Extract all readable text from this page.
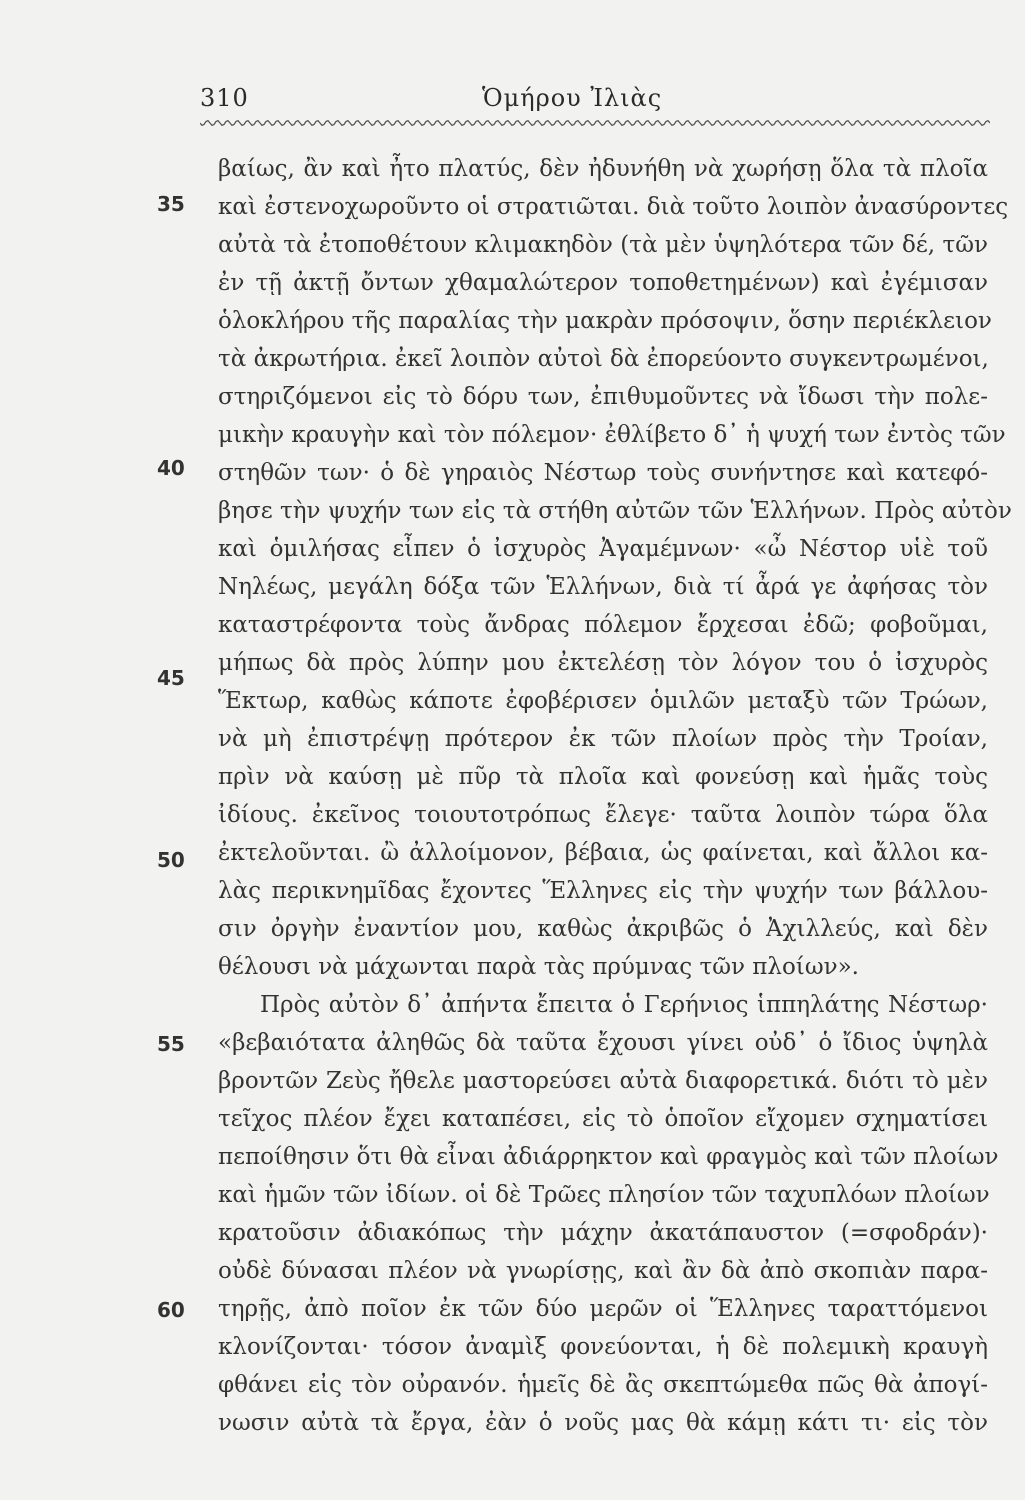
310	Ὁμήρου Ἰλιὰς
35
40
45
50
55
60
βαίως, ἂν καὶ ἦτο πλατύς, δὲν ἠδυνήθη νὰ χωρήσῃ ὅλα τὰ πλοῖα
καὶ ἐστενοχωροῦντο οἱ στρατιῶται. διὰ τοῦτο λοιπὸν ἀνασύροντες
αὐτὰ τὰ ἐτοποθέτουν κλιμακηδὸν (τὰ μὲν ὑψηλότερα τῶν δέ, τῶν
ἐν τῇ ἀκτῇ ὄντων χθαμαλώτερον τοποθετημένων) καὶ ἐγέμισαν
ὁλοκλήρου τῆς παραλίας τὴν μακρὰν πρόσοψιν, ὅσην περιέκλειον
τὰ ἀκρωτήρια. ἐκεῖ λοιπὸν αὐτοὶ δὰ ἐπορεύοντο συγκεντρωμένοι,
στηριζόμενοι εἰς τὸ δόρυ των, ἐπιθυμοῦντες νὰ ἴδωσι τὴν πολε-
μικὴν κραυγὴν καὶ τὸν πόλεμον· ἐθλίβετο δ᾽ ἡ ψυχή των ἐντὸς τῶν
στηθῶν των· ὁ δὲ γηραιὸς Νέστωρ τοὺς συνήντησε καὶ κατεφό-
βησε τὴν ψυχήν των εἰς τὰ στήθη αὐτῶν τῶν Ἑλλήνων. Πρὸς αὐτὸν
καὶ ὁμιλήσας εἶπεν ὁ ἰσχυρὸς Ἀγαμέμνων· «ὦ Νέστορ υἱὲ τοῦ
Νηλέως, μεγάλη δόξα τῶν Ἑλλήνων, διὰ τί ἆρά γε ἀφήσας τὸν
καταστρέφοντα τοὺς ἄνδρας πόλεμον ἔρχεσαι ἐδῶ; φοβοῦμαι,
μήπως δὰ πρὸς λύπην μου ἐκτελέσῃ τὸν λόγον του ὁ ἰσχυρὸς
Ἕκτωρ, καθὼς κάποτε ἐφοβέρισεν ὁμιλῶν μεταξὺ τῶν Τρώων,
νὰ μὴ ἐπιστρέψῃ πρότερον ἐκ τῶν πλοίων πρὸς τὴν Τροίαν,
πρὶν νὰ καύσῃ μὲ πῦρ τὰ πλοῖα καὶ φονεύσῃ καὶ ἡμᾶς τοὺς
ἰδίους. ἐκεῖνος τοιουτοτρόπως ἔλεγε· ταῦτα λοιπὸν τώρα ὅλα
ἐκτελοῦνται. ὢ ἀλλοίμονον, βέβαια, ὡς φαίνεται, καὶ ἄλλοι κα-
λὰς περικνημῖδας ἔχοντες Ἕλληνες εἰς τὴν ψυχήν των βάλλου-
σιν ὀργὴν ἐναντίον μου, καθὼς ἀκριβῶς ὁ Ἀχιλλεύς, καὶ δὲν
θέλουσι νὰ μάχωνται παρὰ τὰς πρύμνας τῶν πλοίων».
Πρὸς αὐτὸν δ᾽ ἀπήντα ἔπειτα ὁ Γερήνιος ἱππηλάτης Νέστωρ·
«βεβαιότατα ἀληθῶς δὰ ταῦτα ἔχουσι γίνει οὐδ᾽ ὁ ἴδιος ὑψηλὰ
βροντῶν Ζεὺς ἤθελε μαστορεύσει αὐτὰ διαφορετικά. διότι τὸ μὲν
τεῖχος πλέον ἔχει καταπέσει, εἰς τὸ ὁποῖον εἴχομεν σχηματίσει
πεποίθησιν ὅτι θὰ εἶναι ἀδιάρρηκτον καὶ φραγμὸς καὶ τῶν πλοίων
καὶ ἡμῶν τῶν ἰδίων. οἱ δὲ Τρῶες πλησίον τῶν ταχυπλόων πλοίων
κρατοῦσιν ἀδιακόπως τὴν μάχην ἀκατάπαυστον (=σφοδράν)·
οὐδὲ δύνασαι πλέον νὰ γνωρίσῃς, καὶ ἂν δὰ ἀπὸ σκοπιὰν παρα-
τηρῇς, ἀπὸ ποῖον ἐκ τῶν δύο μερῶν οἱ Ἕλληνες ταραττόμενοι
κλονίζονται· τόσον ἀναμὶξ φονεύονται, ἡ δὲ πολεμικὴ κραυγὴ
φθάνει εἰς τὸν οὐρανόν. ἡμεῖς δὲ ἂς σκεπτώμεθα πῶς θὰ ἀπογί-
νωσιν αὐτὰ τὰ ἔργα, ἐὰν ὁ νοῦς μας θὰ κάμῃ κάτι τι· εἰς τὸν
